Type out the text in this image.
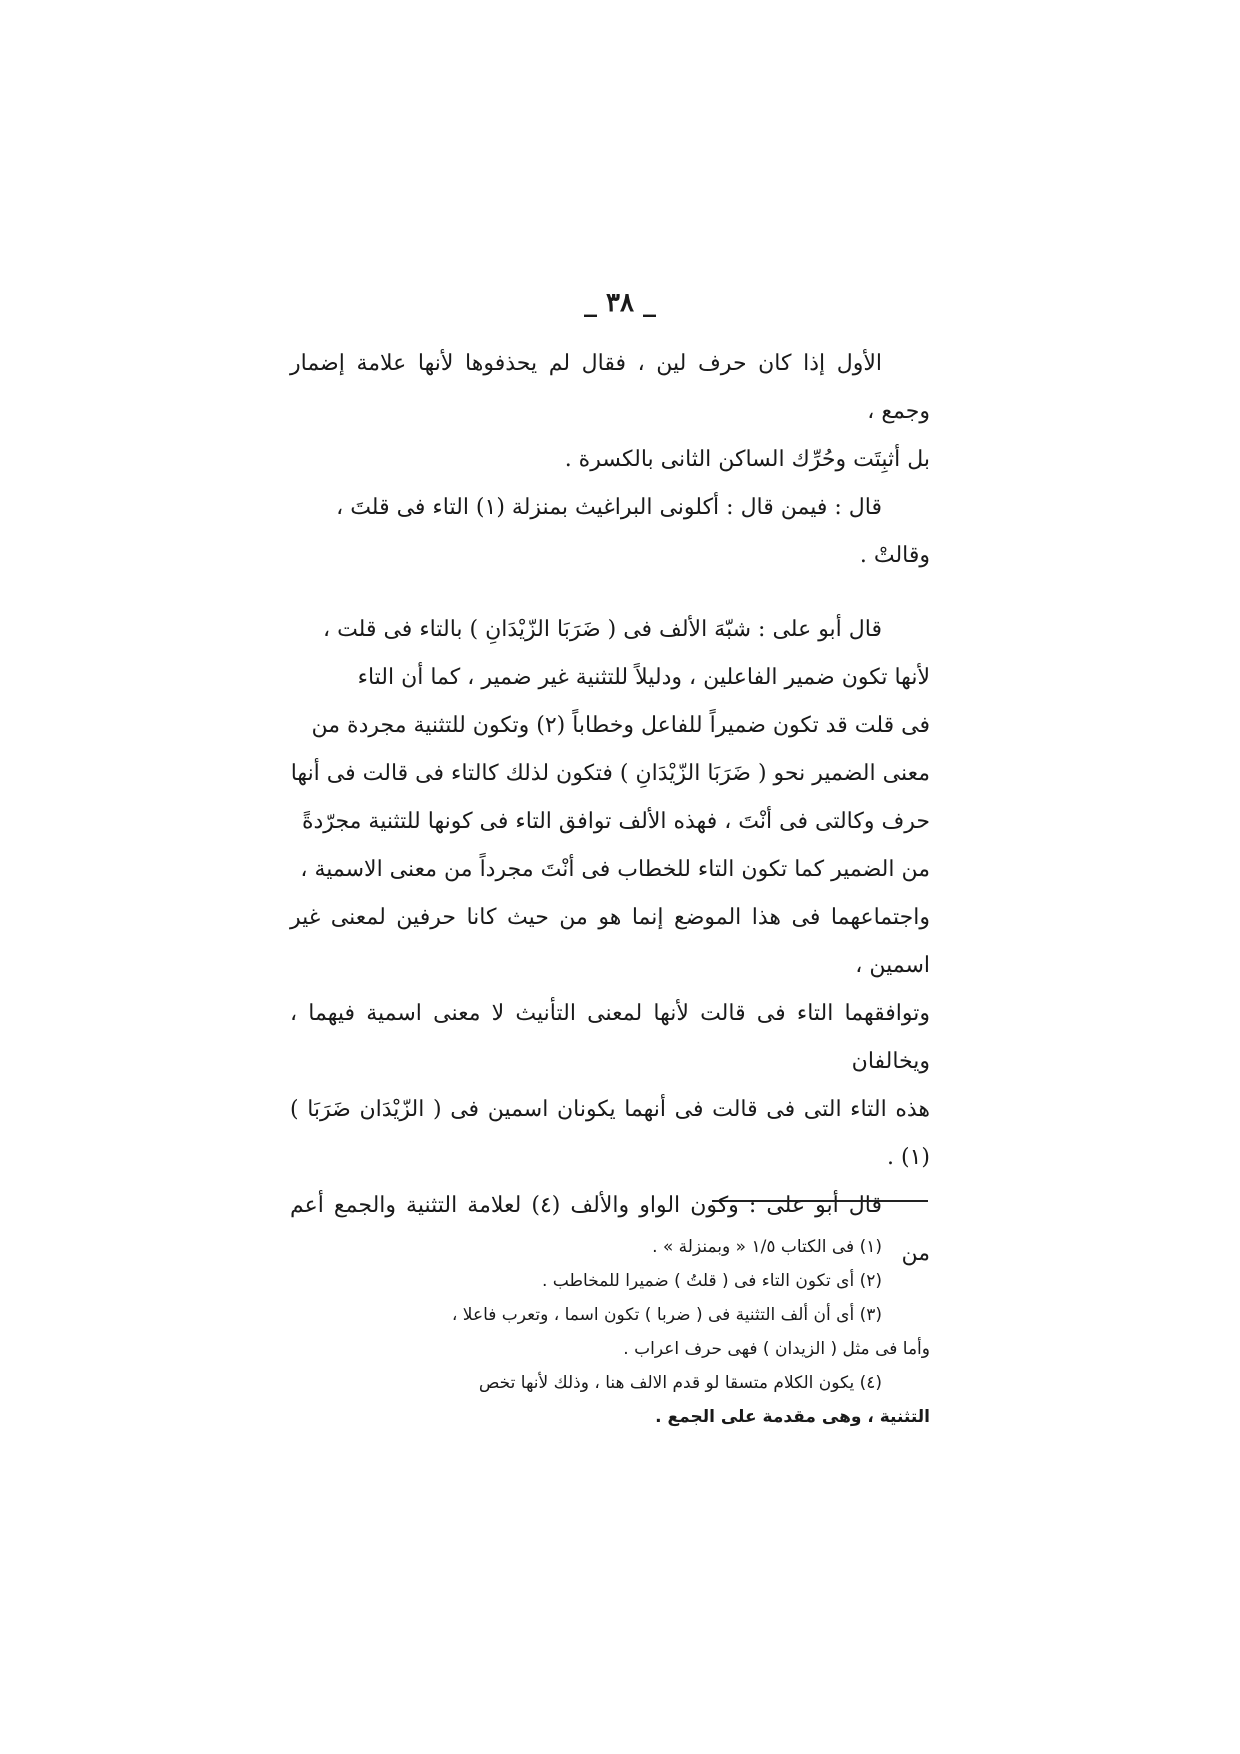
_ ٣٨ _

الأول إذا كان حرف لين ، فقال لم يحذفوها لأنها علامة إضمار وجمع ،
بل أثبِتَت وحُرِّك الساكن الثانى بالكسرة .

قال : فيمن قال : أكلونى البراغيث بمنزلة (١) التاء فى قلتَ ،
وقالتْ .

قال أبو على : شبّهَ الألف فى ( ضَرَبَا الزّيْدَانِ ) بالتاء فى قلت ،
لأنها تكون ضمير الفاعلين ، ودليلاً للتثنية غير ضمير ، كما أن التاء
فى قلت قد تكون ضميراً للفاعل وخطاباً (٢) وتكون للتثنية مجردة من
معنى الضمير نحو ( ضَرَبَا الزّيْدَانِ ) فتكون لذلك كالتاء فى قالت فى أنها
حرف وكالتى فى أنْتَ ، فهذه الألف توافق التاء فى كونها للتثنية مجرّدةً
من الضمير كما تكون التاء للخطاب فى أنْتَ مجرداً من معنى الاسمية ،
واجتماعهما فى هذا الموضع إنما هو من حيث كانا حرفين لمعنى غير اسمين ،
وتوافقهما التاء فى قالت لأنها لمعنى التأنيث لا معنى اسمية فيهما ، ويخالفان
هذه التاء التى فى قالت فى أنهما يكونان اسمين فى ( الزّيْدَان ضَرَبَا ) (١) .

قال أبو على : وكون الواو والألف (٤) لعلامة التثنية والجمع أعم من

(١) فى الكتاب ١/٥ « وبمنزلة » .

(٢) أى تكون التاء فى ( قلتُ ) ضميرا للمخاطب .

(٣) أى أن ألف التثنية فى ( ضربا ) تكون اسما ، وتعرب فاعلا ،

وأما فى مثل ( الزيدان ) فهى حرف اعراب .

(٤) يكون الكلام متسقا لو قدم الالف هنا ، وذلك لأنها تخص

التثنية ، وهى مقدمة على الجمع .
